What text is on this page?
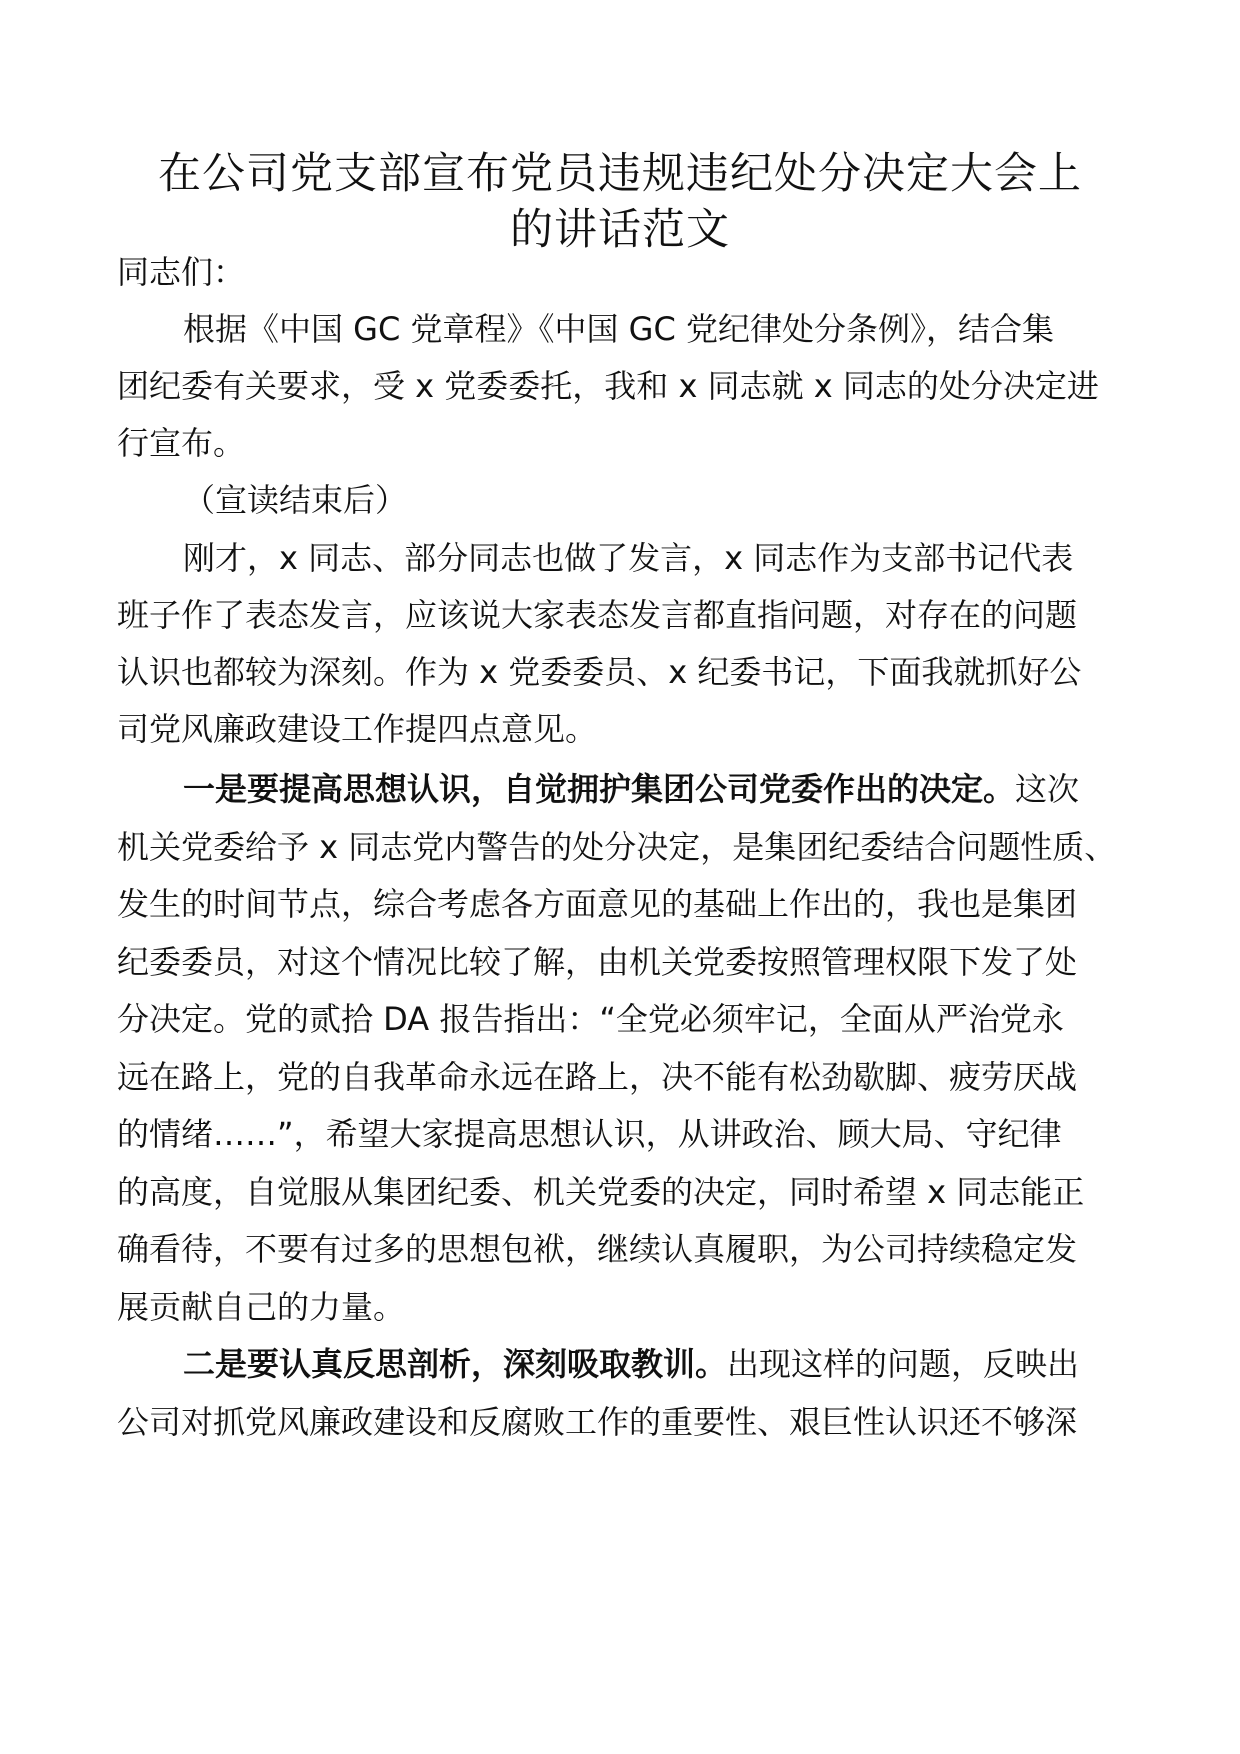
在公司党支部宣布党员违规违纪处分决定大会上
的讲话范文

同志们：

根据《中国 GC 党章程》《中国 GC 党纪律处分条例》，结合集

团纪委有关要求，受 x 党委委托，我和 x 同志就 x 同志的处分决定进

行宣布。

（宣读结束后）

刚才，x 同志、部分同志也做了发言，x 同志作为支部书记代表

班子作了表态发言，应该说大家表态发言都直指问题，对存在的问题

认识也都较为深刻。作为 x 党委委员、x 纪委书记，下面我就抓好公

司党风廉政建设工作提四点意见。

一是要提高思想认识，自觉拥护集团公司党委作出的决定。这次

机关党委给予 x 同志党内警告的处分决定，是集团纪委结合问题性质、

发生的时间节点，综合考虑各方面意见的基础上作出的，我也是集团

纪委委员，对这个情况比较了解，由机关党委按照管理权限下发了处

分决定。党的贰拾 DA 报告指出：“全党必须牢记，全面从严治党永

远在路上，党的自我革命永远在路上，决不能有松劲歇脚、疲劳厌战

的情绪……”，希望大家提高思想认识，从讲政治、顾大局、守纪律

的高度，自觉服从集团纪委、机关党委的决定，同时希望 x 同志能正

确看待，不要有过多的思想包袱，继续认真履职，为公司持续稳定发

展贡献自己的力量。

二是要认真反思剖析，深刻吸取教训。出现这样的问题，反映出

公司对抓党风廉政建设和反腐败工作的重要性、艰巨性认识还不够深
